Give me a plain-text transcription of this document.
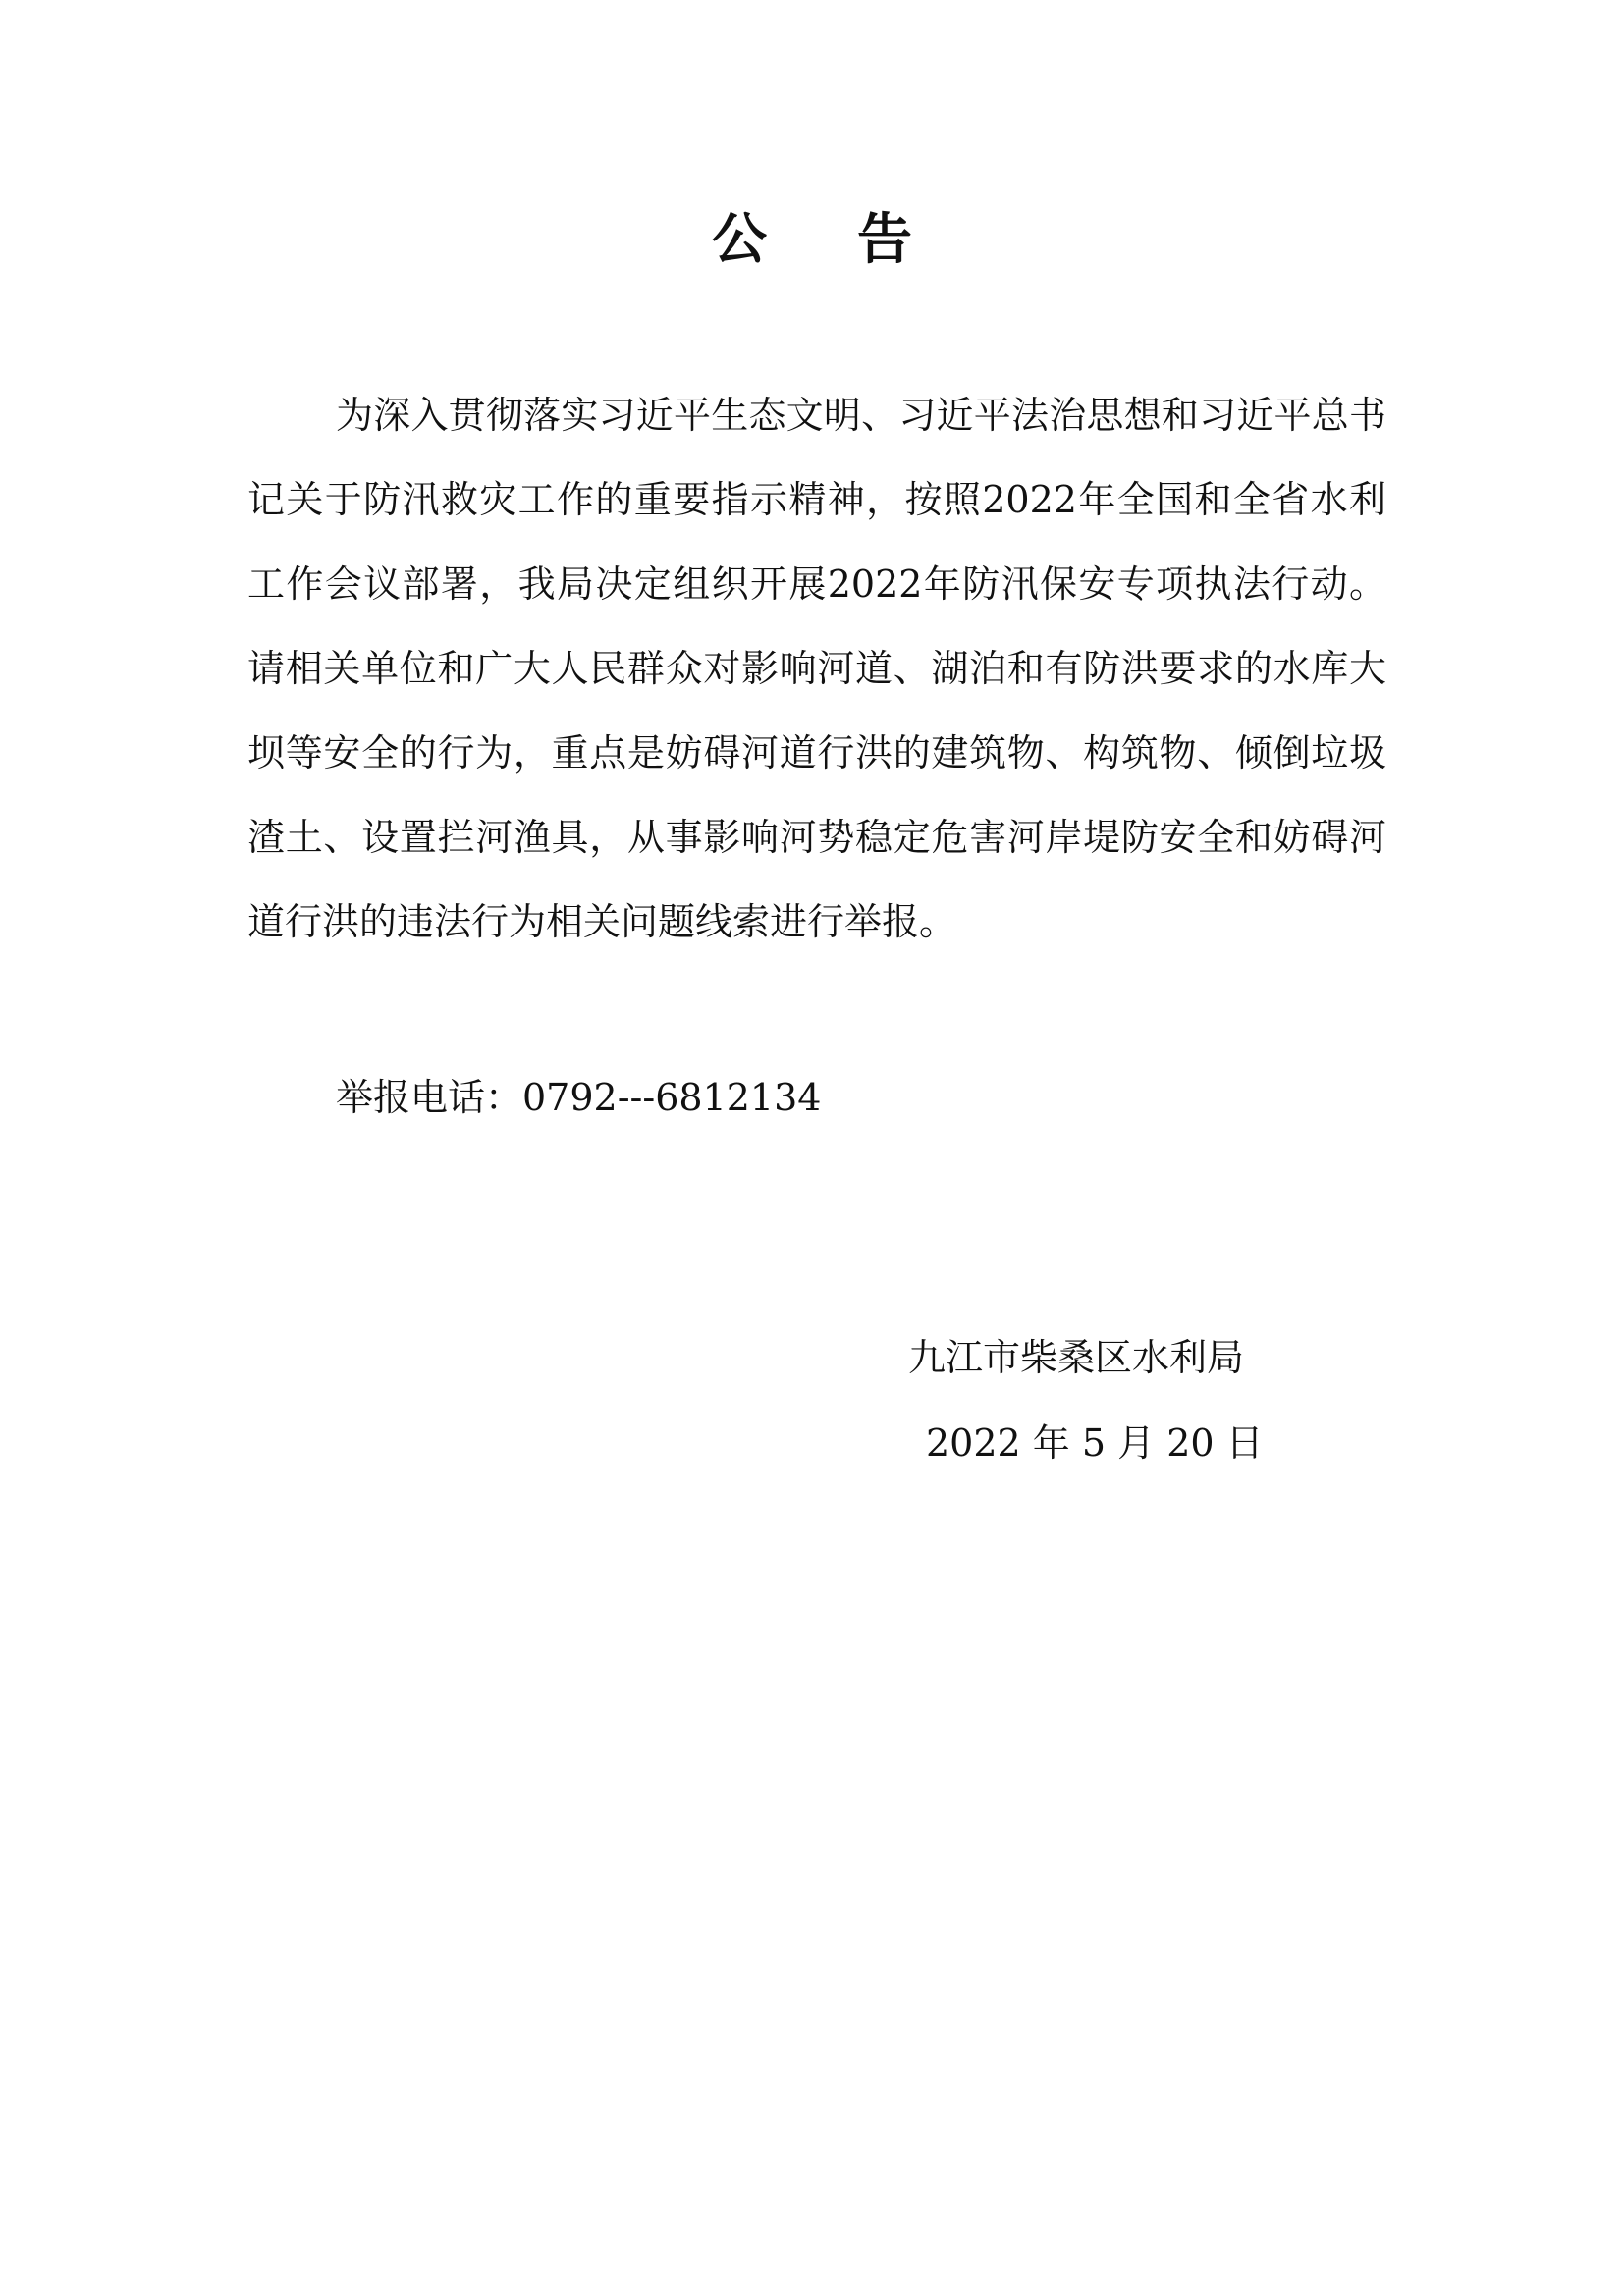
公告

为深入贯彻落实习近平生态文明、习近平法治思想和习近平总书记关于防汛救灾工作的重要指示精神，按照2022年全国和全省水利工作会议部署，我局决定组织开展2022年防汛保安专项执法行动。请相关单位和广大人民群众对影响河道、湖泊和有防洪要求的水库大坝等安全的行为，重点是妨碍河道行洪的建筑物、构筑物、倾倒垃圾渣土、设置拦河渔具，从事影响河势稳定危害河岸堤防安全和妨碍河道行洪的违法行为相关问题线索进行举报。

举报电话：0792---6812134

九江市柴桑区水利局
2022 年 5 月 20 日
